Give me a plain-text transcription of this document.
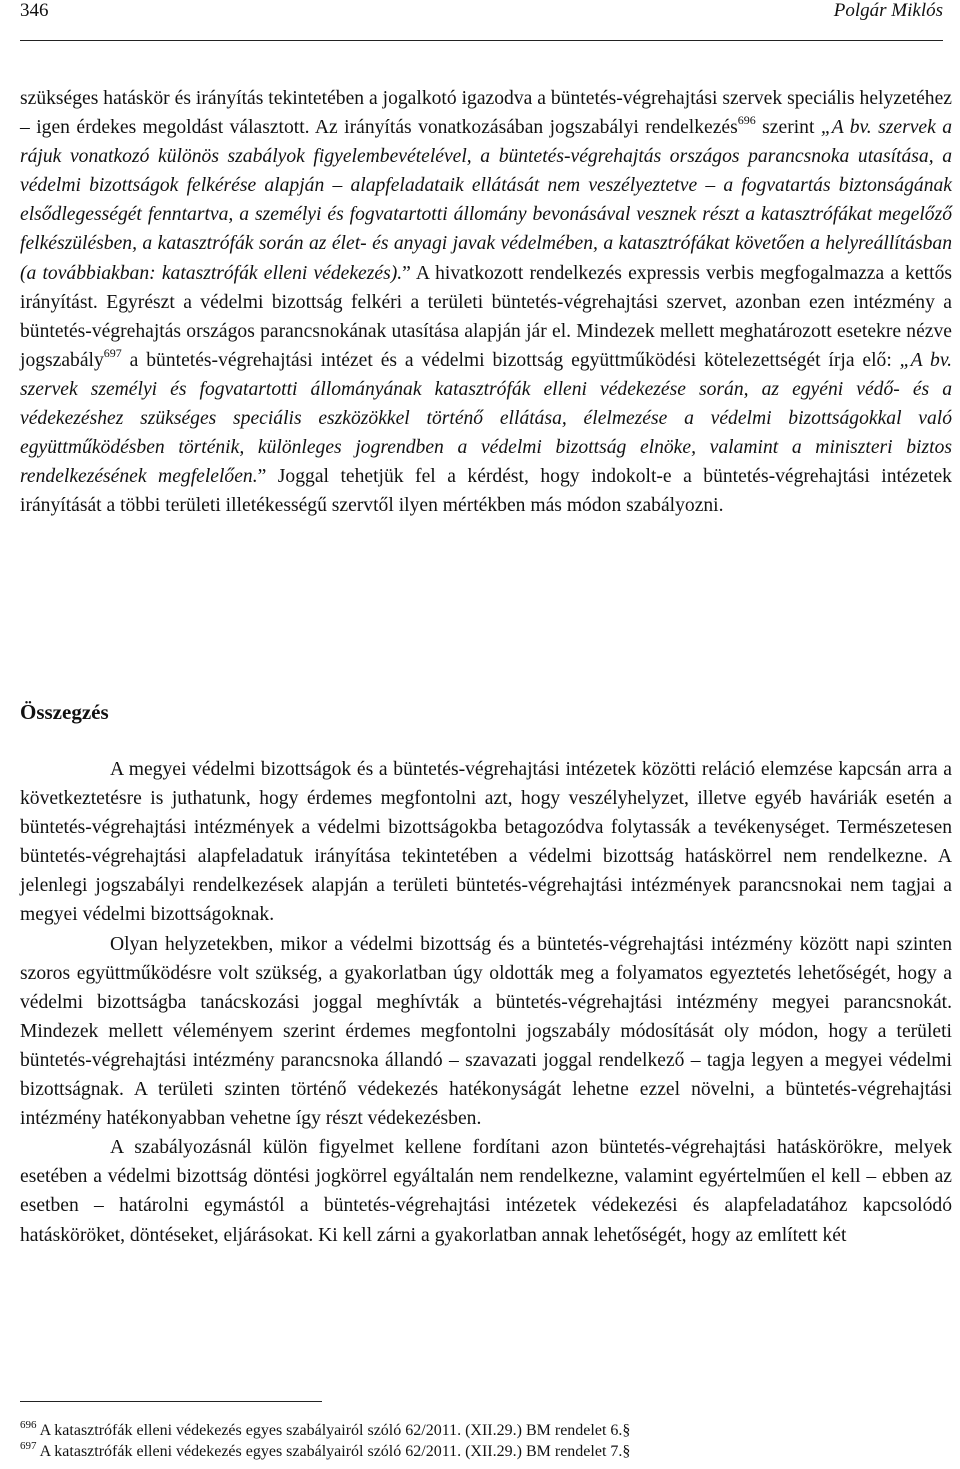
346	Polgár Miklós

szükséges hatáskör és irányítás tekintetében a jogalkotó igazodva a büntetés-végrehajtási szervek speciális helyzetéhez – igen érdekes megoldást választott. Az irányítás vonatkozásában jogszabályi rendelkezés$^{696}$ szerint „A bv. szervek a rájuk vonatkozó különös szabályok figyelembevételével, a büntetés-végrehajtás országos parancsnoka utasítása, a védelmi bizottságok felkérése alapján – alapfeladataik ellátását nem veszélyeztetve – a fogvatartás biztonságának elsődlegességét fenntartva, a személyi és fogvatartotti állomány bevonásával vesznek részt a katasztrófákat megelőző felkészülésben, a katasztrófák során az élet- és anyagi javak védelmében, a katasztrófákat követően a helyreállításban (a továbbiakban: katasztrófák elleni védekezés).” A hivatkozott rendelkezés expressis verbis megfogalmazza a kettős irányítást. Egyrészt a védelmi bizottság felkéri a területi büntetés-végrehajtási szervet, azonban ezen intézmény a büntetés-végrehajtás országos parancsnokának utasítása alapján jár el. Mindezek mellett meghatározott esetekre nézve jogszabály$^{697}$ a büntetés-végrehajtási intézet és a védelmi bizottság együttműködési kötelezettségét írja elő: „A bv. szervek személyi és fogvatartotti állományának katasztrófák elleni védekezése során, az egyéni védő- és a védekezéshez szükséges speciális eszközökkel történő ellátása, élelmezése a védelmi bizottságokkal való együttműködésben történik, különleges jogrendben a védelmi bizottság elnöke, valamint a miniszteri biztos rendelkezésének megfelelően.” Joggal tehetjük fel a kérdést, hogy indokolt-e a büntetés-végrehajtási intézetek irányítását a többi területi illetékességű szervtől ilyen mértékben más módon szabályozni.

Összegzés

A megyei védelmi bizottságok és a büntetés-végrehajtási intézetek közötti reláció elemzése kapcsán arra a következtetésre is juthatunk, hogy érdemes megfontolni azt, hogy veszélyhelyzet, illetve egyéb haváriák esetén a büntetés-végrehajtási intézmények a védelmi bizottságokba betagozódva folytassák a tevékenységet. Természetesen büntetés-végrehajtási alapfeladatuk irányítása tekintetében a védelmi bizottság hatáskörrel nem rendelkezne. A jelenlegi jogszabályi rendelkezések alapján a területi büntetés-végrehajtási intézmények parancsnokai nem tagjai a megyei védelmi bizottságoknak.

Olyan helyzetekben, mikor a védelmi bizottság és a büntetés-végrehajtási intézmény között napi szinten szoros együttműködésre volt szükség, a gyakorlatban úgy oldották meg a folyamatos egyeztetés lehetőségét, hogy a védelmi bizottságba tanácskozási joggal meghívták a büntetés-végrehajtási intézmény megyei parancsnokát. Mindezek mellett véleményem szerint érdemes megfontolni jogszabály módosítását oly módon, hogy a területi büntetés-végrehajtási intézmény parancsnoka állandó – szavazati joggal rendelkező – tagja legyen a megyei védelmi bizottságnak. A területi szinten történő védekezés hatékonyságát lehetne ezzel növelni, a büntetés-végrehajtási intézmény hatékonyabban vehetne így részt védekezésben.

A szabályozásnál külön figyelmet kellene fordítani azon büntetés-végrehajtási hatáskörökre, melyek esetében a védelmi bizottság döntési jogkörrel egyáltalán nem rendelkezne, valamint egyértelműen el kell – ebben az esetben – határolni egymástól a büntetés-végrehajtási intézetek védekezési és alapfeladatához kapcsolódó hatásköröket, döntéseket, eljárásokat. Ki kell zárni a gyakorlatban annak lehetőségét, hogy az említett két

$^{696}$ A katasztrófák elleni védekezés egyes szabályairól szóló 62/2011. (XII.29.) BM rendelet 6.§
$^{697}$ A katasztrófák elleni védekezés egyes szabályairól szóló 62/2011. (XII.29.) BM rendelet 7.§
